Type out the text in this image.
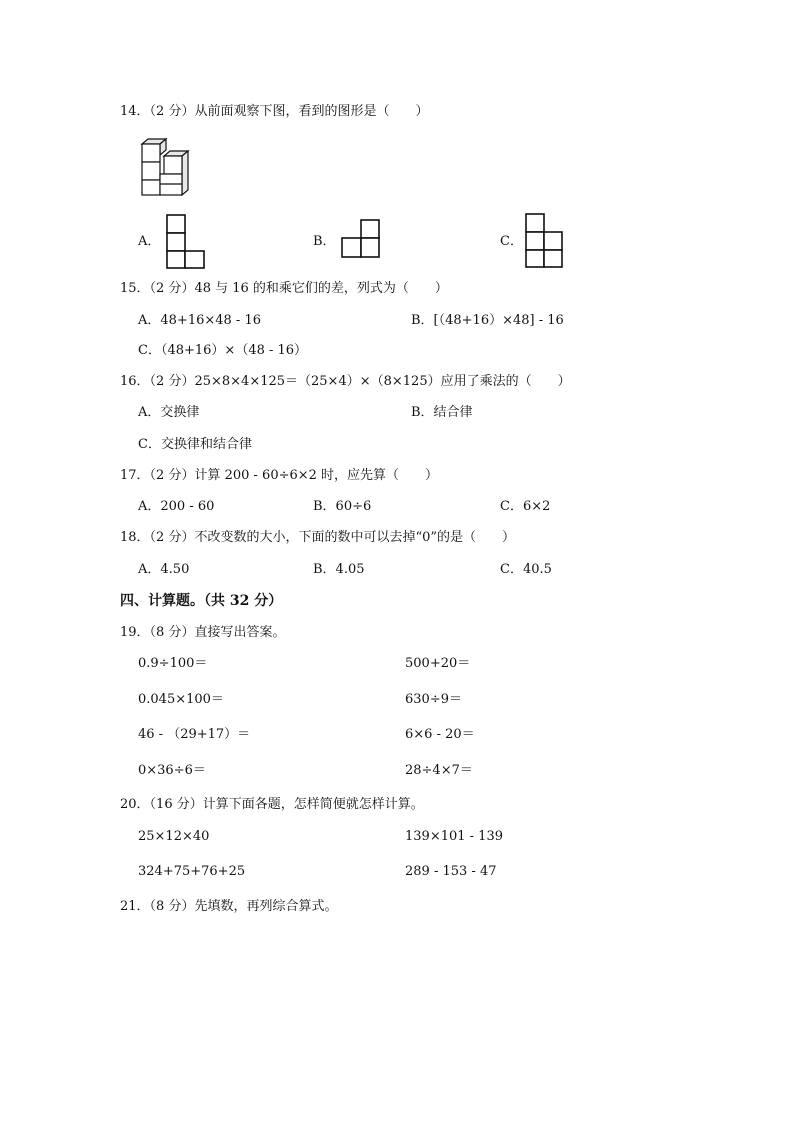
14．（2 分）从前面观察下图，看到的图形是（　　）
A．	B．	C．
15．（2 分）48 与 16 的和乘它们的差，列式为（　　）
A．48+16×48 - 16	B．[（48+16）×48] - 16
C．（48+16）×（48 - 16）
16．（2 分）25×8×4×125＝（25×4）×（8×125）应用了乘法的（　　）
A．交换律	B．结合律
C．交换律和结合律
17．（2 分）计算 200 - 60÷6×2 时，应先算（　　）
A．200 - 60	B．60÷6	C．6×2
18．（2 分）不改变数的大小，下面的数中可以去掉“0”的是（　　）
A．4.50	B．4.05	C．40.5
四、计算题。（共 32 分）
19．（8 分）直接写出答案。
0.9÷100＝	500+20＝
0.045×100＝	630÷9＝
46 - （29+17）＝	6×6 - 20＝
0×36÷6＝	28÷4×7＝
20．（16 分）计算下面各题，怎样简便就怎样计算。
25×12×40	139×101 - 139
324+75+76+25	289 - 153 - 47
21．（8 分）先填数，再列综合算式。
